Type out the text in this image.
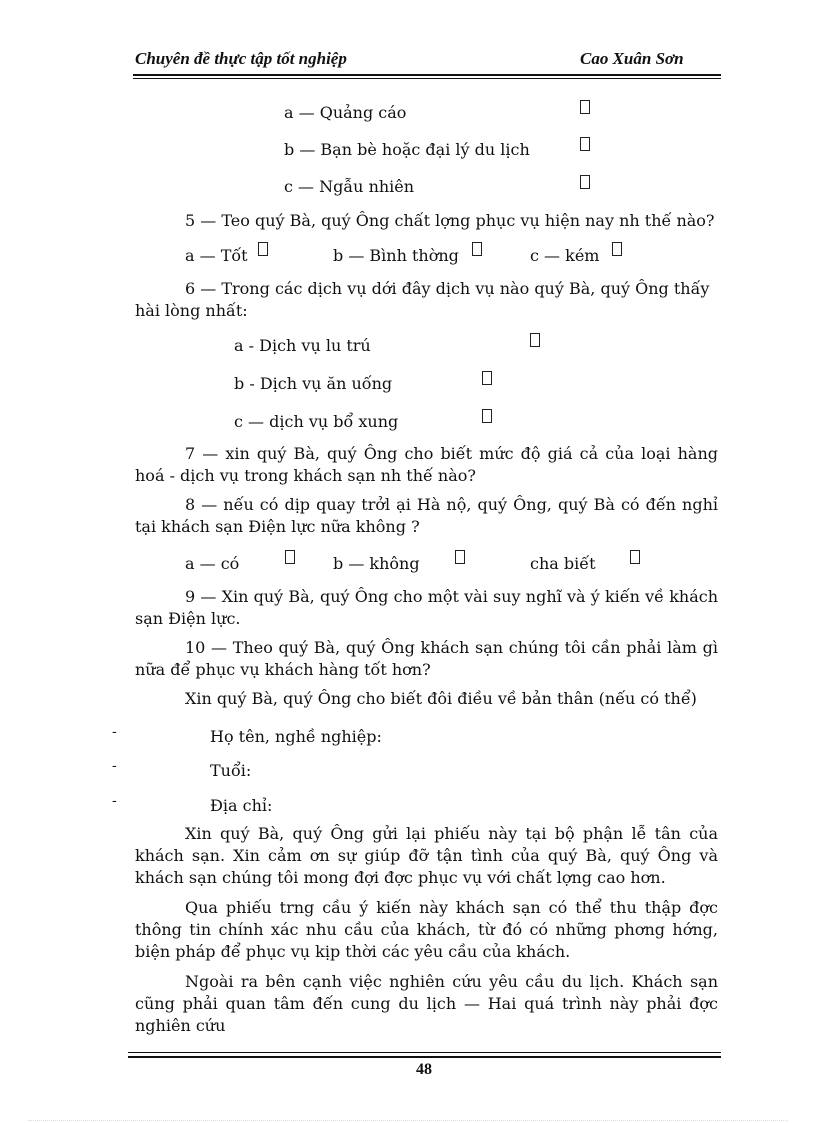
Chuyên đề thực tập tốt nghiệp	Cao Xuân Sơn
a — Quảng cáo
b — Bạn bè hoặc đại lý du lịch
c — Ngẫu nhiên
5 — Teo quý Bà, quý Ông chất lợng phục vụ hiện nay nh thế nào?
a — Tốt	b — Bình thờng	c — kém
6 — Trong các dịch vụ dới đây dịch vụ nào quý Bà, quý Ông thấy
hài lòng nhất:
a - Dịch vụ lu trú
b - Dịch vụ ăn uống
c — dịch vụ bổ xung
7 — xin quý Bà, quý Ông cho biết mức độ giá cả của loại hàng hoá - dịch vụ trong khách sạn nh thế nào?
8 — nếu có dịp quay trởl ại Hà nộ, quý Ông, quý Bà có đến nghỉ tại khách sạn Điện lực nữa không ?
a — có	b — không	cha biết
9 — Xin quý Bà, quý Ông cho một vài suy nghĩ và ý kiến về khách sạn Điện lực.
10 — Theo quý Bà, quý Ông khách sạn chúng tôi cần phải làm gì nữa để phục vụ khách hàng tốt hơn?
Xin quý Bà, quý Ông cho biết đôi điều về bản thân (nếu có thể)
-	Họ tên, nghề nghiệp:
-	Tuổi:
-	Địa chỉ:
Xin quý Bà, quý Ông gửi lại phiếu này tại bộ phận lễ tân của khách sạn. Xin cảm ơn sự giúp đỡ tận tình của quý Bà, quý Ông và khách sạn chúng tôi mong đợi đợc phục vụ với chất lợng cao hơn.
Qua phiếu trng cầu ý kiến này khách sạn có thể thu thập đợc thông tin chính xác nhu cầu của khách, từ đó có những phơng hớng, biện pháp để phục vụ kịp thời các yêu cầu của khách.
Ngoài ra bên cạnh việc nghiên cứu yêu cầu du lịch. Khách sạn cũng phải quan tâm đến cung du lịch — Hai quá trình này phải đợc nghiên cứu
48
